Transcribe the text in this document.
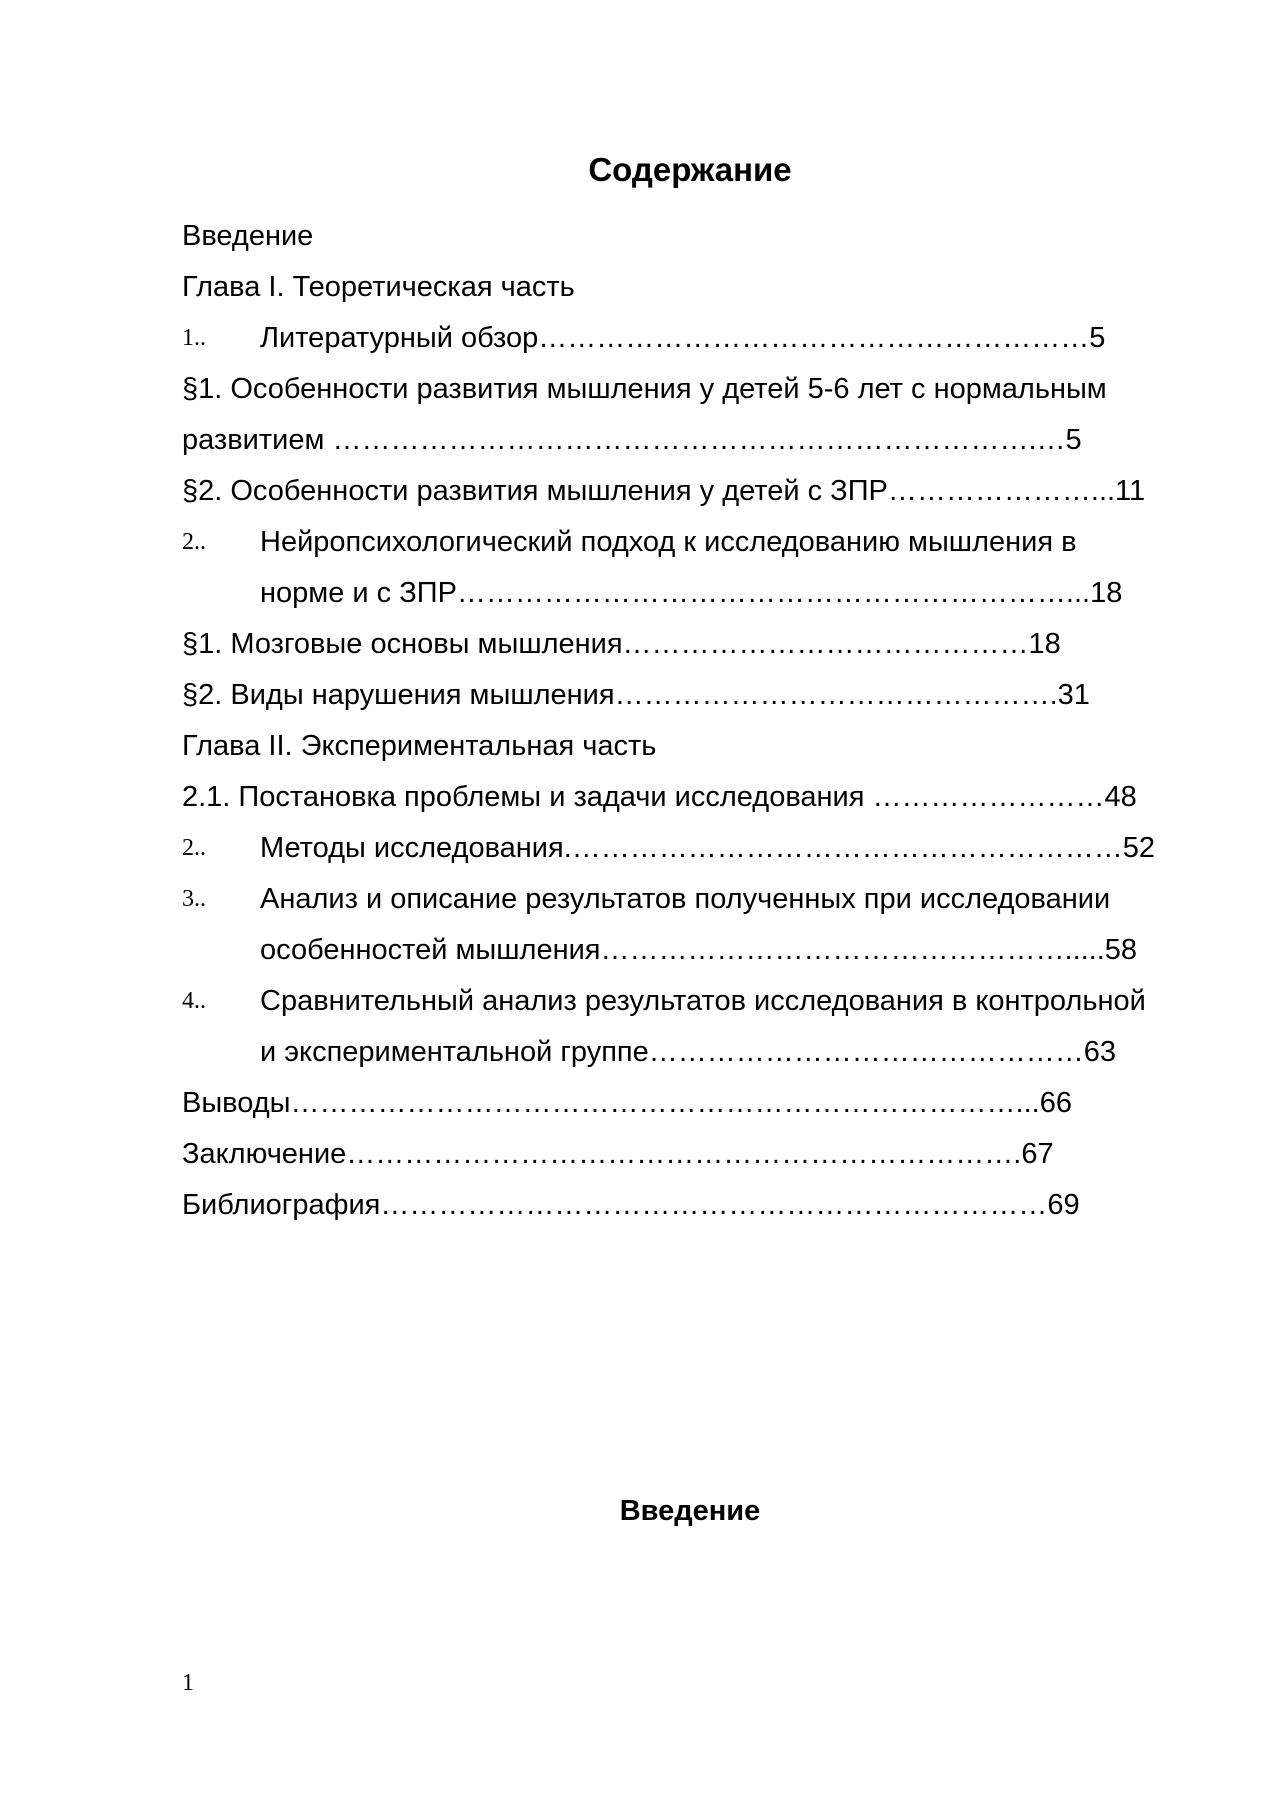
Содержание
Введение
Глава I. Теоретическая часть
1.. Литературный обзор…………………………………………………5
§1. Особенности развития мышления у детей 5-6 лет с нормальным
развитием ……………………………………………………………….…5
§2. Особенности развития мышления у детей с ЗПР…………………...11
2.. Нейропсихологический подход к исследованию мышления в
норме и с ЗПР………………………………………………………...18
§1. Мозговые основы мышления……………………………………18
§2. Виды нарушения мышления……………………………………….31
Глава II. Экспериментальная часть
2.1. Постановка проблемы и задачи исследования ……………………48
2.. Методы исследования.…………………………………………………52
3.. Анализ и описание результатов полученных при исследовании
особенностей мышления………………………………………….....58
4.. Сравнительный анализ результатов исследования в контрольной
и экспериментальной группе………………………………………63
Выводы…………………………………………………………………...66
Заключение…………………………………………………………….67
Библиография……………………………………………………………69
Введение
1
